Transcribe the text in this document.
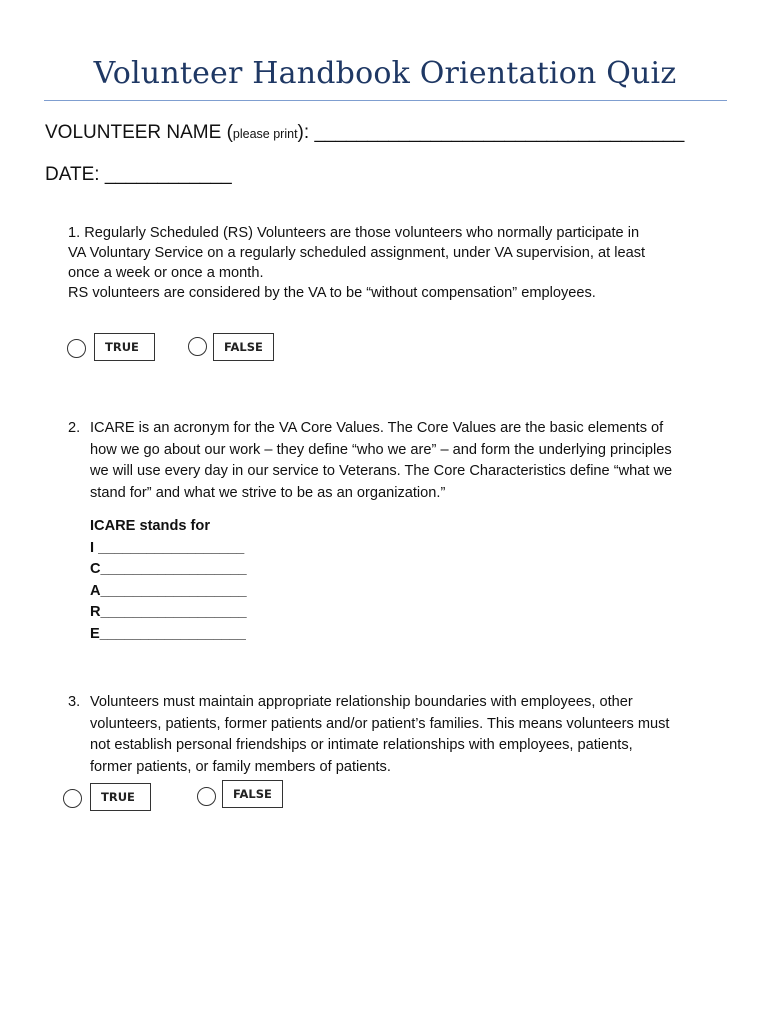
Volunteer Handbook Orientation Quiz
VOLUNTEER NAME (please print): ___________________________________
DATE: ____________
1. Regularly Scheduled (RS) Volunteers are those volunteers who normally participate in
VA Voluntary Service on a regularly scheduled assignment, under VA supervision, at least
once a week or once a month.
RS volunteers are considered by the VA to be “without compensation” employees.
TRUE	FALSE
2. ICARE is an acronym for the VA Core Values. The Core Values are the basic elements of
how we go about our work – they define “who we are” – and form the underlying principles
we will use every day in our service to Veterans. The Core Characteristics define “what we
stand for” and what we strive to be as an organization.”
ICARE stands for
I __________________
C__________________
A__________________
R__________________
E__________________
3. Volunteers must maintain appropriate relationship boundaries with employees, other
volunteers, patients, former patients and/or patient’s families. This means volunteers must
not establish personal friendships or intimate relationships with employees, patients,
former patients, or family members of patients.
TRUE	FALSE
